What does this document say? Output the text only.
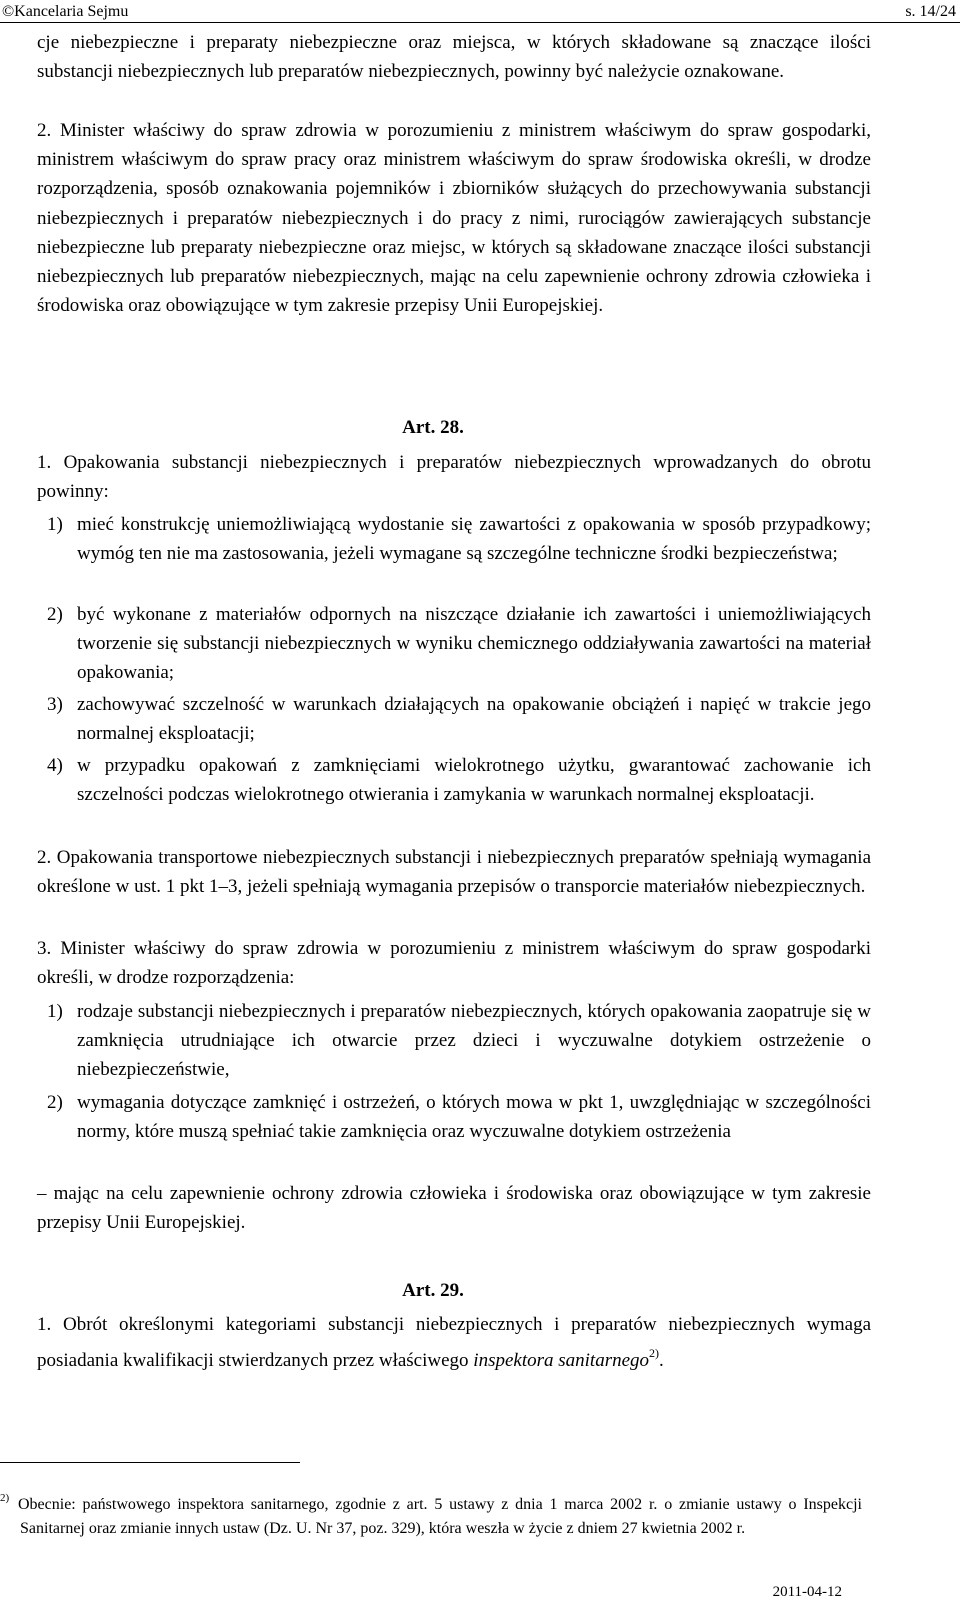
©Kancelaria Sejmu	s. 14/24
cje niebezpieczne i preparaty niebezpieczne oraz miejsca, w których składowane są znaczące ilości substancji niebezpiecznych lub preparatów niebezpiecznych, powinny być należycie oznakowane.
2. Minister właściwy do spraw zdrowia w porozumieniu z ministrem właściwym do spraw gospodarki, ministrem właściwym do spraw pracy oraz ministrem właściwym do spraw środowiska określi, w drodze rozporządzenia, sposób oznakowania pojemników i zbiorników służących do przechowywania substancji niebezpiecznych i preparatów niebezpiecznych i do pracy z nimi, rurociągów zawierających substancje niebezpieczne lub preparaty niebezpieczne oraz miejsc, w których są składowane znaczące ilości substancji niebezpiecznych lub preparatów niebezpiecznych, mając na celu zapewnienie ochrony zdrowia człowieka i środowiska oraz obowiązujące w tym zakresie przepisy Unii Europejskiej.
Art. 28.
1. Opakowania substancji niebezpiecznych i preparatów niebezpiecznych wprowadzanych do obrotu powinny:
1) mieć konstrukcję uniemożliwiającą wydostanie się zawartości z opakowania w sposób przypadkowy; wymóg ten nie ma zastosowania, jeżeli wymagane są szczególne techniczne środki bezpieczeństwa;
2) być wykonane z materiałów odpornych na niszczące działanie ich zawartości i uniemożliwiających tworzenie się substancji niebezpiecznych w wyniku chemicznego oddziaływania zawartości na materiał opakowania;
3) zachowywać szczelność w warunkach działających na opakowanie obciążeń i napięć w trakcie jego normalnej eksploatacji;
4) w przypadku opakowań z zamknięciami wielokrotnego użytku, gwarantować zachowanie ich szczelności podczas wielokrotnego otwierania i zamykania w warunkach normalnej eksploatacji.
2. Opakowania transportowe niebezpiecznych substancji i niebezpiecznych preparatów spełniają wymagania określone w ust. 1 pkt 1–3, jeżeli spełniają wymagania przepisów o transporcie materiałów niebezpiecznych.
3. Minister właściwy do spraw zdrowia w porozumieniu z ministrem właściwym do spraw gospodarki określi, w drodze rozporządzenia:
1) rodzaje substancji niebezpiecznych i preparatów niebezpiecznych, których opakowania zaopatruje się w zamknięcia utrudniające ich otwarcie przez dzieci i wyczuwalne dotykiem ostrzeżenie o niebezpieczeństwie,
2) wymagania dotyczące zamknięć i ostrzeżeń, o których mowa w pkt 1, uwzględniając w szczególności normy, które muszą spełniać takie zamknięcia oraz wyczuwalne dotykiem ostrzeżenia
– mając na celu zapewnienie ochrony zdrowia człowieka i środowiska oraz obowiązujące w tym zakresie przepisy Unii Europejskiej.
Art. 29.
1. Obrót określonymi kategoriami substancji niebezpiecznych i preparatów niebezpiecznych wymaga posiadania kwalifikacji stwierdzanych przez właściwego inspektora sanitarnego$^{2)}$.
$^{2)}$ Obecnie: państwowego inspektora sanitarnego, zgodnie z art. 5 ustawy z dnia 1 marca 2002 r. o zmianie ustawy o Inspekcji Sanitarnej oraz zmianie innych ustaw (Dz. U. Nr 37, poz. 329), która weszła w życie z dniem 27 kwietnia 2002 r.
2011-04-12
